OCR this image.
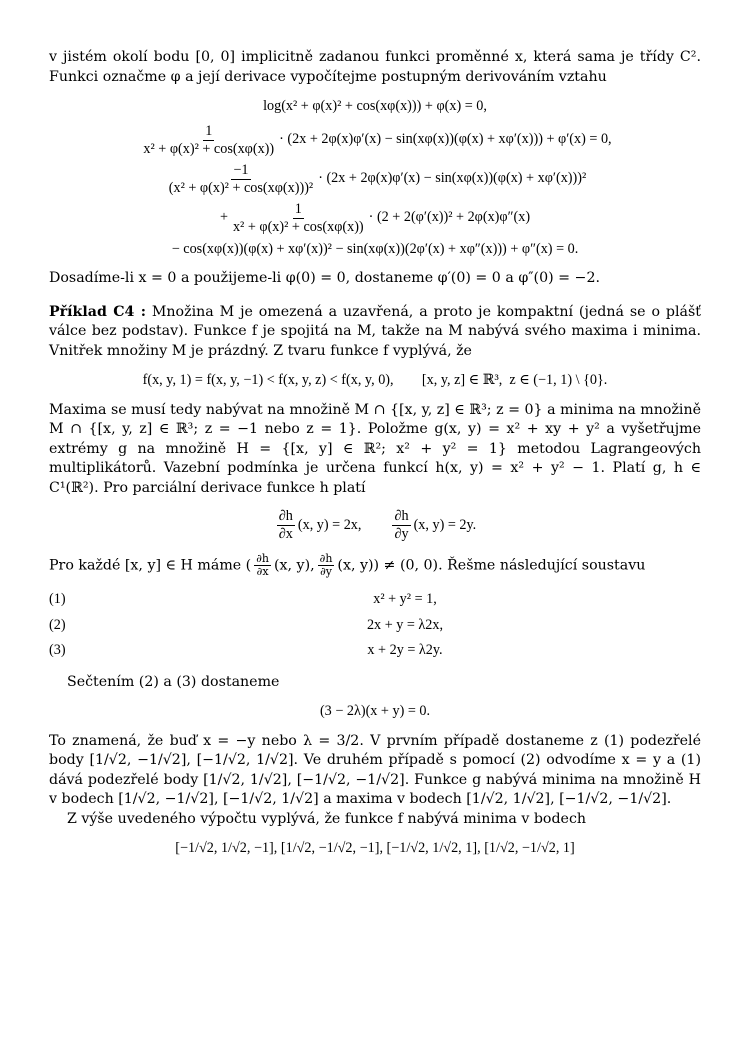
v jistém okolí bodu [0, 0] implicitně zadanou funkci proměnné x, která sama je třídy C². Funkci označme φ a její derivace vypočítejme postupným derivováním vztahu

log(x² + φ(x)² + cos(xφ(x))) + φ(x) = 0,
$\frac{1}{\text{x² + φ(x)² + cos(xφ(x))}} \cdot (2x + 2\varphi(x)\varphi'(x) - \sin(x\varphi(x))(\varphi(x) + x\varphi'(x))) + \varphi'(x) = 0$,
$\frac{-1}{\text{(x² + φ(x)² + cos(xφ(x)))²}} \cdot (2x + 2\varphi(x)\varphi'(x) - \sin(x\varphi(x))(\varphi(x) + x\varphi'(x)))^2$
+ $\frac{1}{\text{x² + φ(x)² + cos(xφ(x))}} \cdot (2 + 2(\varphi'(x))^2 + 2\varphi(x)\varphi''(x)$
− cos(xφ(x))(φ(x) + xφ′(x))² − sin(xφ(x))(2φ′(x) + xφ″(x))) + φ″(x) = 0.

Dosadíme-li x = 0 a použijeme-li φ(0) = 0, dostaneme φ′(0) = 0 a φ″(0) = −2.

Příklad C4 : Množina M je omezená a uzavřená, a proto je kompaktní (jedná se o plášť válce bez podstav). Funkce f je spojitá na M, takže na M nabývá svého maxima i minima. Vnitřek množiny M je prázdný. Z tvaru funkce f vyplývá, že

f(x, y, 1) = f(x, y, −1) < f(x, y, z) < f(x, y, 0),        [x, y, z] ∈ ℝ³,  z ∈ (−1, 1) \ {0}.

Maxima se musí tedy nabývat na množině M ∩ {[x, y, z] ∈ ℝ³; z = 0} a minima na množině M ∩ {[x, y, z] ∈ ℝ³; z = −1 nebo z = 1}. Položme g(x, y) = x² + xy + y² a vyšetřujme extrémy g na množině H = {[x, y] ∈ ℝ²; x² + y² = 1} metodou Lagrangeových multiplikátorů. Vazební podmínka je určena funkcí h(x, y) = x² + y² − 1. Platí g, h ∈ C¹(ℝ²). Pro parciální derivace funkce h platí

$\frac{\partial h}{\partial x} (x$, y) = 2x, $\frac{\partial h}{\partial y} (x$, y) = 2y.

Pro každé [x, y] ∈ H máme ( $\frac{\partial h}{\partial x} (x$, y), $\frac{\partial h}{\partial y} (x$, y)) ≠ (0, 0). Řešme následující soustavu

(1)	x² + y² = 1,
(2)	2x + y = λ2x,
(3)	x + 2y = λ2y.

Sečtením (2) a (3) dostaneme

(3 − 2λ)(x + y) = 0.

To znamená, že buď x = −y nebo λ = 3/2. V prvním případě dostaneme z (1) podezřelé body [1/√2, −1/√2], [−1/√2, 1/√2]. Ve druhém případě s pomocí (2) odvodíme x = y a (1) dává podezřelé body [1/√2, 1/√2], [−1/√2, −1/√2]. Funkce g nabývá minima na množině H v bodech [1/√2, −1/√2], [−1/√2, 1/√2] a maxima v bodech [1/√2, 1/√2], [−1/√2, −1/√2].

Z výše uvedeného výpočtu vyplývá, že funkce f nabývá minima v bodech

[−1/√2, 1/√2, −1], [1/√2, −1/√2, −1], [−1/√2, 1/√2, 1], [1/√2, −1/√2, 1]
